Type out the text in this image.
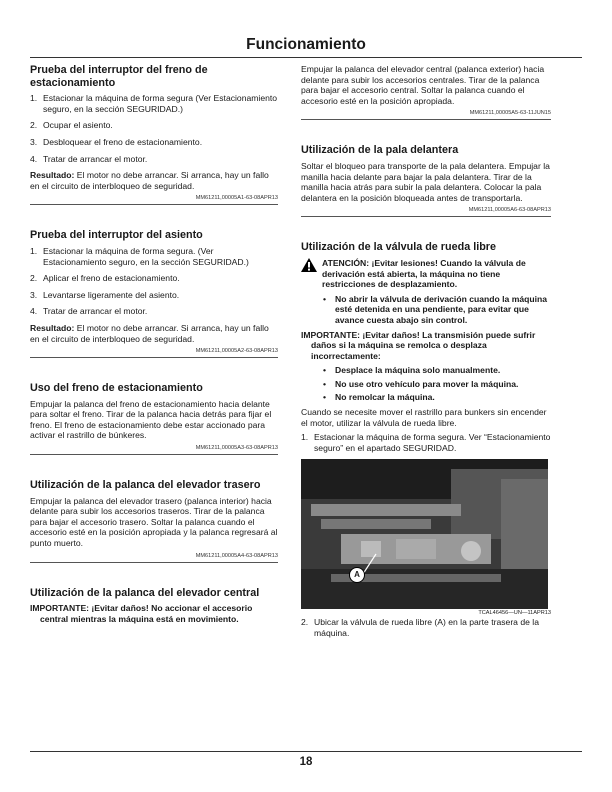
Funcionamiento
Prueba del interruptor del freno de estacionamiento
1. Estacionar la máquina de forma segura (Ver Estacionamiento seguro, en la sección SEGURIDAD.)
2. Ocupar el asiento.
3. Desbloquear el freno de estacionamiento.
4. Tratar de arrancar el motor.

Resultado: El motor no debe arrancar. Si arranca, hay un fallo en el circuito de interbloqueo de seguridad.

MM61211,00005A1-63-08APR13
Prueba del interruptor del asiento
1. Estacionar la máquina de forma segura. (Ver Estacionamiento seguro, en la sección SEGURIDAD.)
2. Aplicar el freno de estacionamiento.
3. Levantarse ligeramente del asiento.
4. Tratar de arrancar el motor.

Resultado: El motor no debe arrancar. Si arranca, hay un fallo en el circuito de interbloqueo de seguridad.

MM61211,00005A2-63-08APR13
Uso del freno de estacionamiento

Empujar la palanca del freno de estacionamiento hacia delante para soltar el freno. Tirar de la palanca hacia detrás para fijar el freno. El freno de estacionamiento debe estar accionado para activar el rastrillo de búnkeres.

MM61211,00005A3-63-08APR13
Utilización de la palanca del elevador trasero

Empujar la palanca del elevador trasero (palanca interior) hacia delante para subir los accesorios traseros. Tirar de la palanca para bajar el accesorio trasero. Soltar la palanca cuando el accesorio esté en la posición apropiada y la palanca regresará al punto muerto.

MM61211,00005A4-63-08APR13
Utilización de la palanca del elevador central

IMPORTANTE: ¡Evitar daños! No accionar el accesorio central mientras la máquina está en movimiento.

Empujar la palanca del elevador central (palanca exterior) hacia delante para subir los accesorios centrales. Tirar de la palanca para bajar el accesorio central. Soltar la palanca cuando el accesorio esté en la posición apropiada.

MM61211,00005A5-63-11JUN15
Utilización de la pala delantera

Soltar el bloqueo para transporte de la pala delantera. Empujar la manilla hacia delante para bajar la pala delantera. Tirar de la manilla hacia atrás para subir la pala delantera. Colocar la pala delantera en la posición bloqueada antes de transportarla.

MM61211,00005A6-63-08APR13
Utilización de la válvula de rueda libre
ATENCIÓN: ¡Evitar lesiones! Cuando la válvula de derivación está abierta, la máquina no tiene restricciones de desplazamiento.
• No abrir la válvula de derivación cuando la máquina esté detenida en una pendiente, para evitar que avance cuesta abajo sin control.

IMPORTANTE: ¡Evitar daños! La transmisión puede sufrir daños si la máquina se remolca o desplaza incorrectamente:

• Desplace la máquina solo manualmente.
• No use otro vehículo para mover la máquina.
• No remolcar la máquina.

Cuando se necesite mover el rastrillo para bunkers sin encender el motor, utilizar la válvula de rueda libre.

1. Estacionar la máquina de forma segura. Ver “Estacionamiento seguro” en el apartado SEGURIDAD.
A
TCAL46456—UN—11APR13
2. Ubicar la válvula de rueda libre (A) en la parte trasera de la máquina.
18
